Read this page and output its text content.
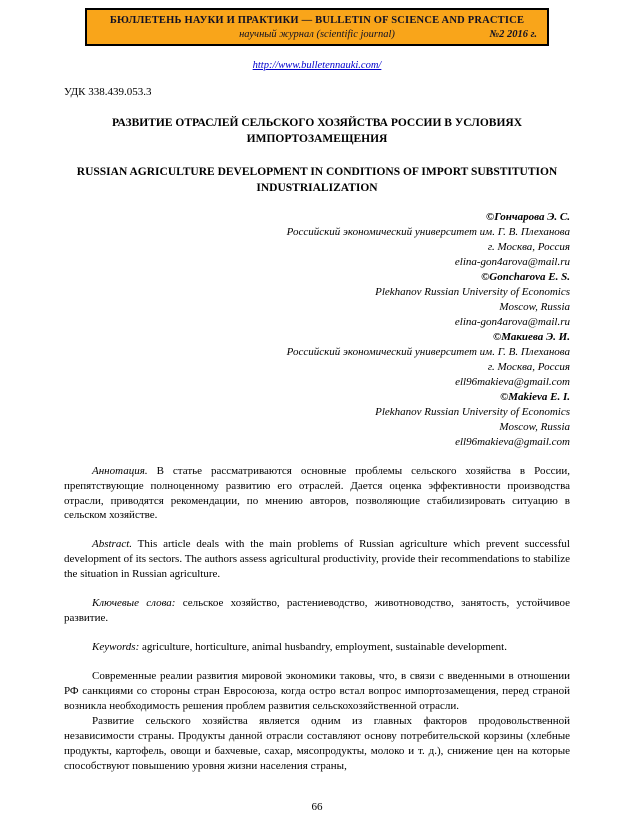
БЮЛЛЕТЕНЬ НАУКИ И ПРАКТИКИ — BULLETIN OF SCIENCE AND PRACTICE
научный журнал (scientific journal)	№2 2016 г.
http://www.bulletennauki.com/
УДК 338.439.053.3
РАЗВИТИЕ ОТРАСЛЕЙ СЕЛЬСКОГО ХОЗЯЙСТВА РОССИИ В УСЛОВИЯХ ИМПОРТОЗАМЕЩЕНИЯ
RUSSIAN AGRICULTURE DEVELOPMENT IN CONDITIONS OF IMPORT SUBSTITUTION INDUSTRIALIZATION
©Гончарова Э. С.
Российский экономический университет им. Г. В. Плеханова
г. Москва, Россия
elina-gon4arova@mail.ru
©Goncharova E. S.
Plekhanov Russian University of Economics
Moscow, Russia
elina-gon4arova@mail.ru
©Макиева Э. И.
Российский экономический университет им. Г. В. Плеханова
г. Москва, Россия
ell96makieva@gmail.com
©Makieva E. I.
Plekhanov Russian University of Economics
Moscow, Russia
ell96makieva@gmail.com

Аннотация. В статье рассматриваются основные проблемы сельского хозяйства в России, препятствующие полноценному развитию его отраслей. Дается оценка эффективности производства отрасли, приводятся рекомендации, по мнению авторов, позволяющие стабилизировать ситуацию в сельском хозяйстве.

Abstract. This article deals with the main problems of Russian agriculture which prevent successful development of its sectors. The authors assess agricultural productivity, provide their recommendations to stabilize the situation in Russian agriculture.

Ключевые слова: сельское хозяйство, растениеводство, животноводство, занятость, устойчивое развитие.

Keywords: agriculture, horticulture, animal husbandry, employment, sustainable development.

Современные реалии развития мировой экономики таковы, что, в связи с введенными в отношении РФ санкциями со стороны стран Евросоюза, когда остро встал вопрос импортозамещения, перед страной возникла необходимость решения проблем развития сельскохозяйственной отрасли.

Развитие сельского хозяйства является одним из главных факторов продовольственной независимости страны. Продукты данной отрасли составляют основу потребительской корзины (хлебные продукты, картофель, овощи и бахчевые, сахар, мясопродукты, молоко и т. д.), снижение цен на которые способствуют повышению уровня жизни населения страны,

66
